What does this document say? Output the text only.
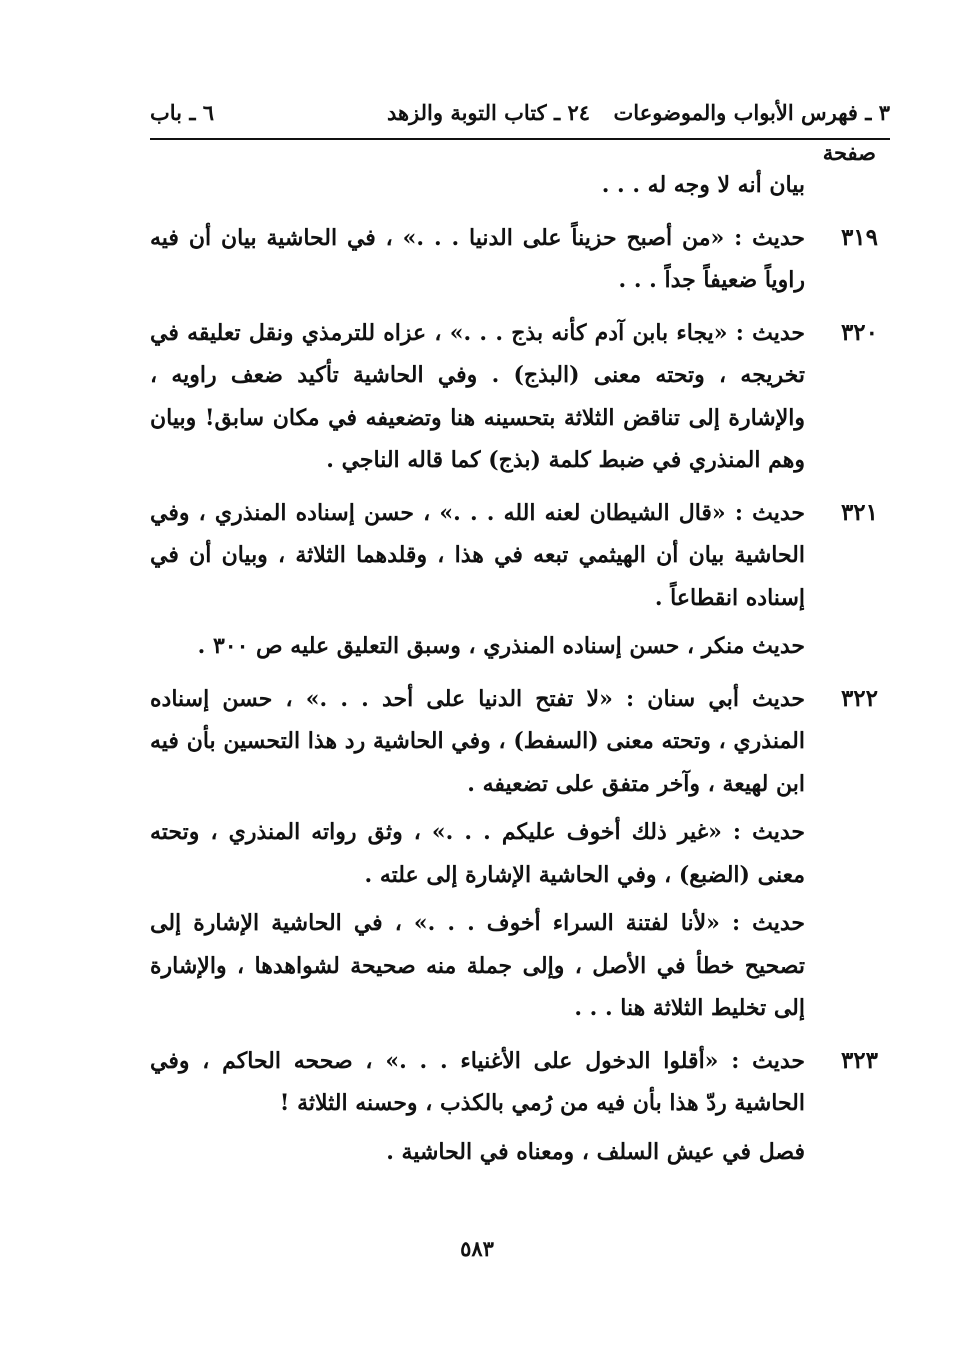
٣ ـ فهرس الأبواب والموضوعات
٢٤ ـ كتاب التوبة والزهد
٦ ـ باب
صفحة

بيان أنه لا وجه له . . .

٣١٩

حديث : «من أصبح حزيناً على الدنيا . . .» ، في الحاشية بيان أن فيه راوياً ضعيفاً جداً . . .

٣٢٠

حديث : «يجاء بابن آدم كأنه بذج . . .» ، عزاه للترمذي ونقل تعليقه في تخريجه ، وتحته معنى (البذج) . وفي الحاشية تأكيد ضعف راويه ، والإشارة إلى تناقض الثلاثة بتحسينه هنا وتضعيفه في مكان سابق! وبيان وهم المنذري في ضبط كلمة (بذج) كما قاله الناجي .

٣٢١

حديث : «قال الشيطان لعنه الله . . .» ، حسن إسناده المنذري ، وفي الحاشية بيان أن الهيثمي تبعه في هذا ، وقلدهما الثلاثة ، وبيان أن في إسناده انقطاعاً .

حديث منكر ، حسن إسناده المنذري ، وسبق التعليق عليه ص ٣٠٠ .

٣٢٢

حديث أبي سنان : «لا تفتح الدنيا على أحد . . .» ، حسن إسناده المنذري ، وتحته معنى (السفط) ، وفي الحاشية رد هذا التحسين بأن فيه ابن لهيعة ، وآخر متفق على تضعيفه .

حديث : «غير ذلك أخوف عليكم . . .» ، وثق رواته المنذري ، وتحته معنى (الضبع) ، وفي الحاشية الإشارة إلى علته .

حديث : «لأنا لفتنة السراء أخوف . . .» ، في الحاشية الإشارة إلى تصحيح خطأ في الأصل ، وإلى جملة منه صحيحة لشواهدها ، والإشارة إلى تخليط الثلاثة هنا . . .

٣٢٣

حديث : «أقلوا الدخول على الأغنياء . . .» ، صححه الحاكم ، وفي الحاشية ردّ هذا بأن فيه من رُمي بالكذب ، وحسنه الثلاثة !

فصل في عيش السلف ، ومعناه في الحاشية .

٥٨٣
